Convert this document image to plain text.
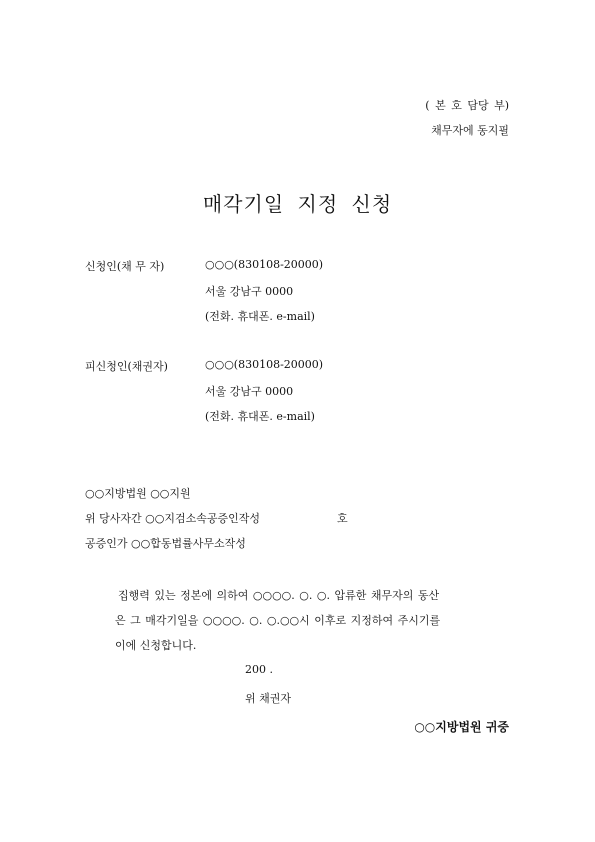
( 본 호 담당 부)
채무자에 동지필
매각기일 지정 신청
신청인(채 무 자)	○○○(830108-20000)
서울 강남구 0000
(전화. 휴대폰. e-mail)
피신청인(채권자)	○○○(830108-20000)
서울 강남구 0000
(전화. 휴대폰. e-mail)
○○지방법원 ○○지원
위 당사자간 ○○지검소속공증인작성	호
공증인가 ○○합동법률사무소작성
집행력 있는 정본에 의하여 ○○○○. ○. ○. 압류한 채무자의 동산
은 그 매각기일을 ○○○○. ○. ○.○○시 이후로 지정하여 주시기를
이에 신청합니다.
200 .
위 채권자
○○지방법원 귀중
